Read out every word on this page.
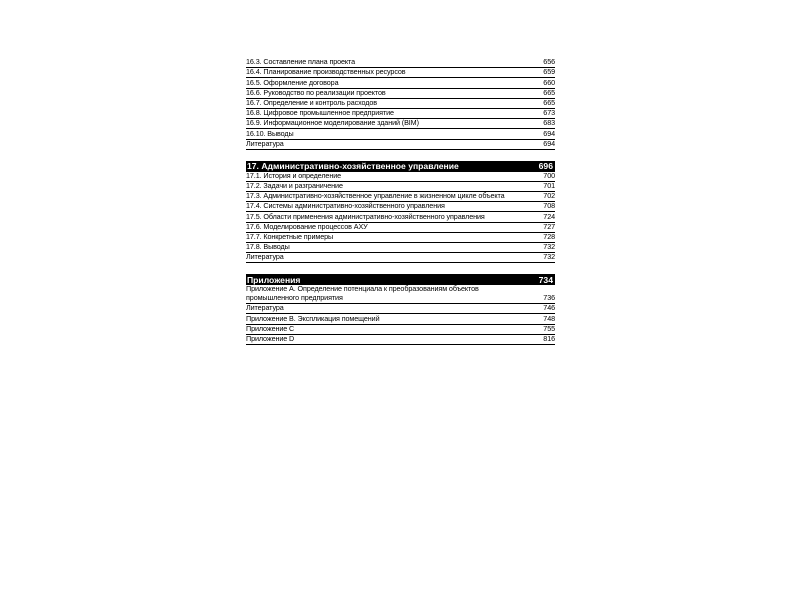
16.3. Составление плана проекта	656
16.4. Планирование производственных ресурсов	659
16.5. Оформление договора	660
16.6. Руководство по реализации проектов	665
16.7. Определение и контроль расходов	665
16.8. Цифровое промышленное предприятие	673
16.9. Информационное моделирование зданий (BIM)	683
16.10. Выводы	694
Литература	694
17. Административно-хозяйственное управление	696
17.1. История и определение	700
17.2. Задачи и разграничение	701
17.3. Административно-хозяйственное управление в жизненном цикле объекта	702
17.4. Системы административно-хозяйственного управления	708
17.5. Области применения административно-хозяйственного управления	724
17.6. Моделирование процессов АХУ	727
17.7. Конкретные примеры	728
17.8. Выводы	732
Литература	732
Приложения	734
Приложение A. Определение потенциала к преобразованиям объектов промышленного предприятия	736
Литература	746
Приложение B. Экспликация помещений	748
Приложение C	755
Приложение D	816
